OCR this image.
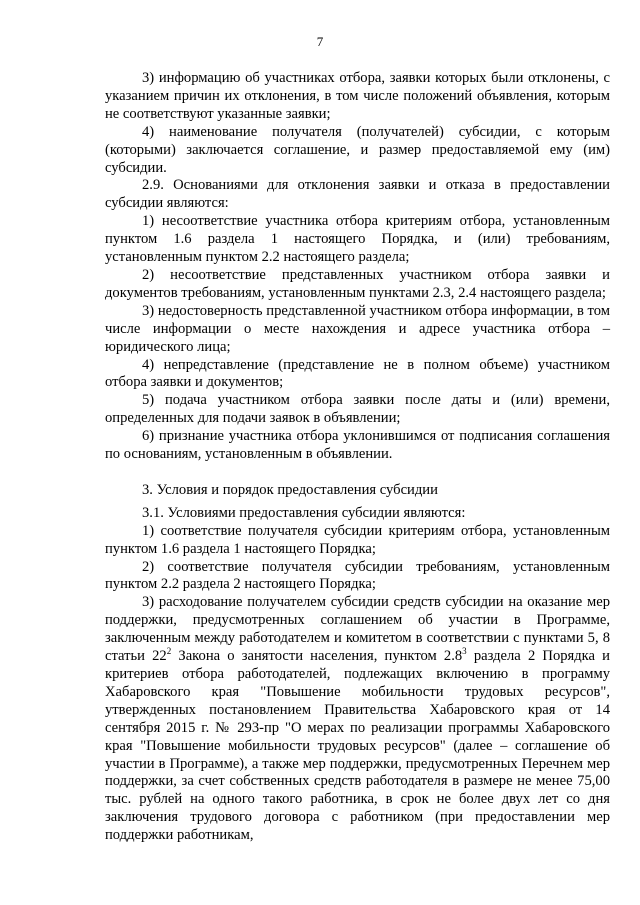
7

3) информацию об участниках отбора, заявки которых были отклонены, с указанием причин их отклонения, в том числе положений объявления, которым не соответствуют указанные заявки;

4) наименование получателя (получателей) субсидии, с которым (которыми) заключается соглашение, и размер предоставляемой ему (им) субсидии.

2.9. Основаниями для отклонения заявки и отказа в предоставлении субсидии являются:

1) несоответствие участника отбора критериям отбора, установленным пунктом 1.6 раздела 1 настоящего Порядка, и (или) требованиям, установленным пунктом 2.2 настоящего раздела;

2) несоответствие представленных участником отбора заявки и документов требованиям, установленным пунктами 2.3, 2.4 настоящего раздела;

3) недостоверность представленной участником отбора информации, в том числе информации о месте нахождения и адресе участника отбора – юридического лица;

4) непредставление (представление не в полном объеме) участником отбора заявки и документов;

5) подача участником отбора заявки после даты и (или) времени, определенных для подачи заявок в объявлении;

6) признание участника отбора уклонившимся от подписания соглашения по основаниям, установленным в объявлении.

3. Условия и порядок предоставления субсидии

3.1. Условиями предоставления субсидии являются:

1) соответствие получателя субсидии критериям отбора, установленным пунктом 1.6 раздела 1 настоящего Порядка;

2) соответствие получателя субсидии требованиям, установленным пунктом 2.2 раздела 2 настоящего Порядка;

3) расходование получателем субсидии средств субсидии на оказание мер поддержки, предусмотренных соглашением об участии в Программе, заключенным между работодателем и комитетом в соответствии с пунктами 5, 8 статьи $22^2$ Закона о занятости населения, пунктом $2.8^3$ раздела 2 Порядка и критериев отбора работодателей, подлежащих включению в программу Хабаровского края "Повышение мобильности трудовых ресурсов", утвержденных постановлением Правительства Хабаровского края от 14 сентября 2015 г. № 293-пр "О мерах по реализации программы Хабаровского края "Повышение мобильности трудовых ресурсов" (далее – соглашение об участии в Программе), а также мер поддержки, предусмотренных Перечнем мер поддержки, за счет собственных средств работодателя в размере не менее 75,00 тыс. рублей на одного такого работника, в срок не более двух лет со дня заключения трудового договора с работником (при предоставлении мер поддержки работникам,
